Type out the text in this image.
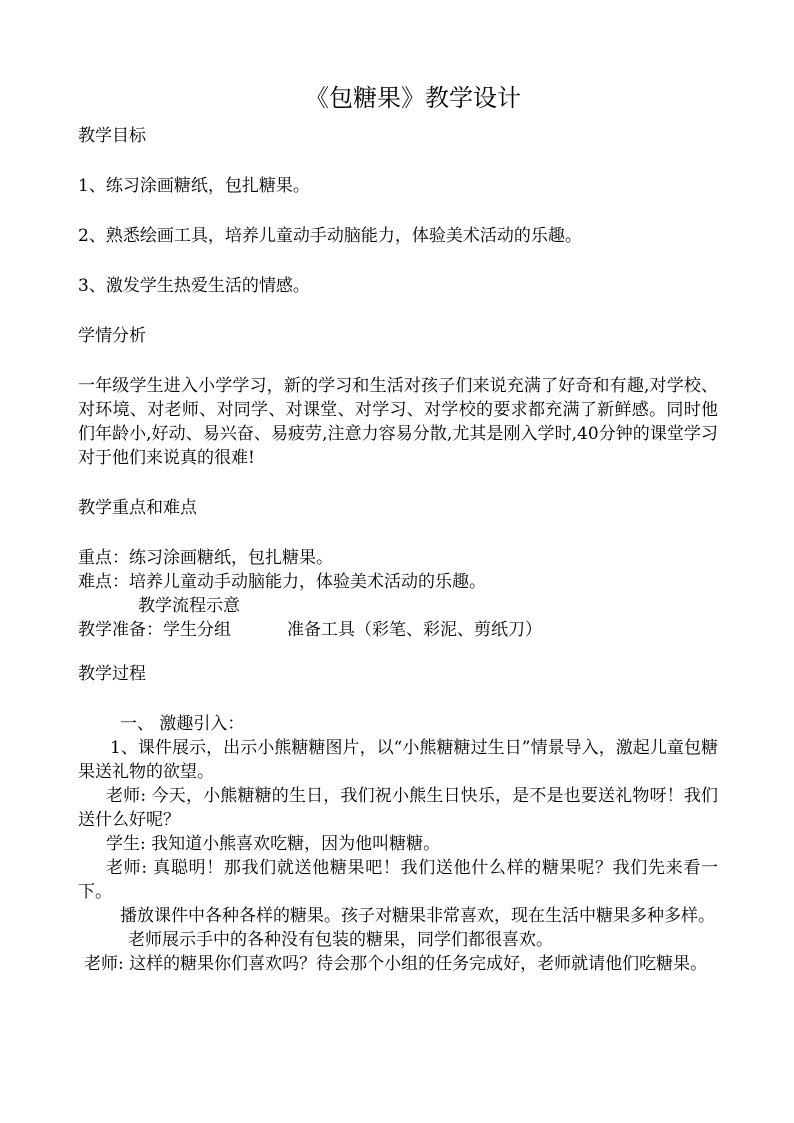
《包糖果》教学设计

教学目标

1、练习涂画糖纸，包扎糖果。

2、熟悉绘画工具，培养儿童动手动脑能力，体验美术活动的乐趣。

3、激发学生热爱生活的情感。

学情分析

一年级学生进入小学学习，新的学习和生活对孩子们来说充满了好奇和有趣,对学校、对环境、对老师、对同学、对课堂、对学习、对学校的要求都充满了新鲜感。同时他们年龄小,好动、易兴奋、易疲劳,注意力容易分散,尤其是刚入学时,40分钟的课堂学习对于他们来说真的很难!

教学重点和难点

重点：练习涂画糖纸，包扎糖果。

难点：培养儿童动手动脑能力，体验美术活动的乐趣。

教学流程示意

教学准备：学生分组	准备工具（彩笔、彩泥、剪纸刀）

教学过程

一、 激趣引入：

1、课件展示，出示小熊糖糖图片，以“小熊糖糖过生日”情景导入，激起儿童包糖果送礼物的欲望。

老师: 今天，小熊糖糖的生日，我们祝小熊生日快乐，是不是也要送礼物呀！我们送什么好呢？

学生: 我知道小熊喜欢吃糖，因为他叫糖糖。

老师: 真聪明！那我们就送他糖果吧！我们送他什么样的糖果呢？我们先来看一下。

播放课件中各种各样的糖果。孩子对糖果非常喜欢，现在生活中糖果多种多样。

老师展示手中的各种没有包装的糖果，同学们都很喜欢。

老师: 这样的糖果你们喜欢吗？待会那个小组的任务完成好，老师就请他们吃糖果。
